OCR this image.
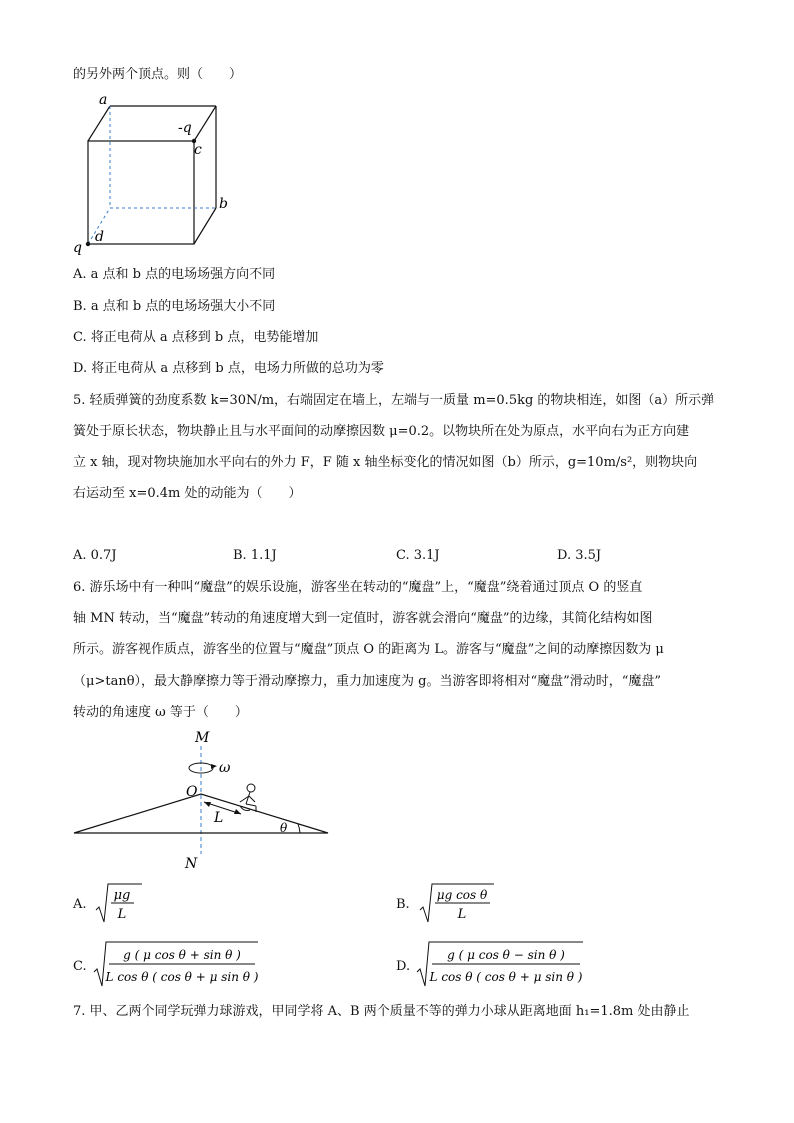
的另外两个顶点。则（　　）
a
-q
c
b
q
d
A. a 点和 b 点的电场场强方向不同
B. a 点和 b 点的电场场强大小不同
C. 将正电荷从 a 点移到 b 点，电势能增加
D. 将正电荷从 a 点移到 b 点，电场力所做的总功为零
5. 轻质弹簧的劲度系数 k=30N/m，右端固定在墙上，左端与一质量 m=0.5kg 的物块相连，如图（a）所示弹
簧处于原长状态，物块静止且与水平面间的动摩擦因数 μ=0.2。以物块所在处为原点，水平向右为正方向建
立 x 轴，现对物块施加水平向右的外力 F，F 随 x 轴坐标变化的情况如图（b）所示，g=10m/s²，则物块向
右运动至 x=0.4m 处的动能为（　　）
A. 0.7J	B. 1.1J	C. 3.1J	D. 3.5J
6. 游乐场中有一种叫“魔盘”的娱乐设施，游客坐在转动的“魔盘”上，“魔盘”绕着通过顶点 O 的竖直
轴 MN 转动，当“魔盘”转动的角速度增大到一定值时，游客就会滑向“魔盘”的边缘，其简化结构如图
所示。游客视作质点，游客坐的位置与“魔盘”顶点 O 的距离为 L。游客与“魔盘”之间的动摩擦因数为 μ
（μ>tanθ），最大静摩擦力等于滑动摩擦力，重力加速度为 g。当游客即将相对“魔盘”滑动时，“魔盘”
转动的角速度 ω 等于（　　）
M
ω
O
L
θ
N
A.
μg
L
B.
μg cos θ
L
C.
g ( μ cos θ + sin θ )
L cos θ ( cos θ + μ sin θ )
D.
g ( μ cos θ − sin θ )
L cos θ ( cos θ + μ sin θ )
7. 甲、乙两个同学玩弹力球游戏，甲同学将 A、B 两个质量不等的弹力小球从距离地面 h₁=1.8m 处由静止
